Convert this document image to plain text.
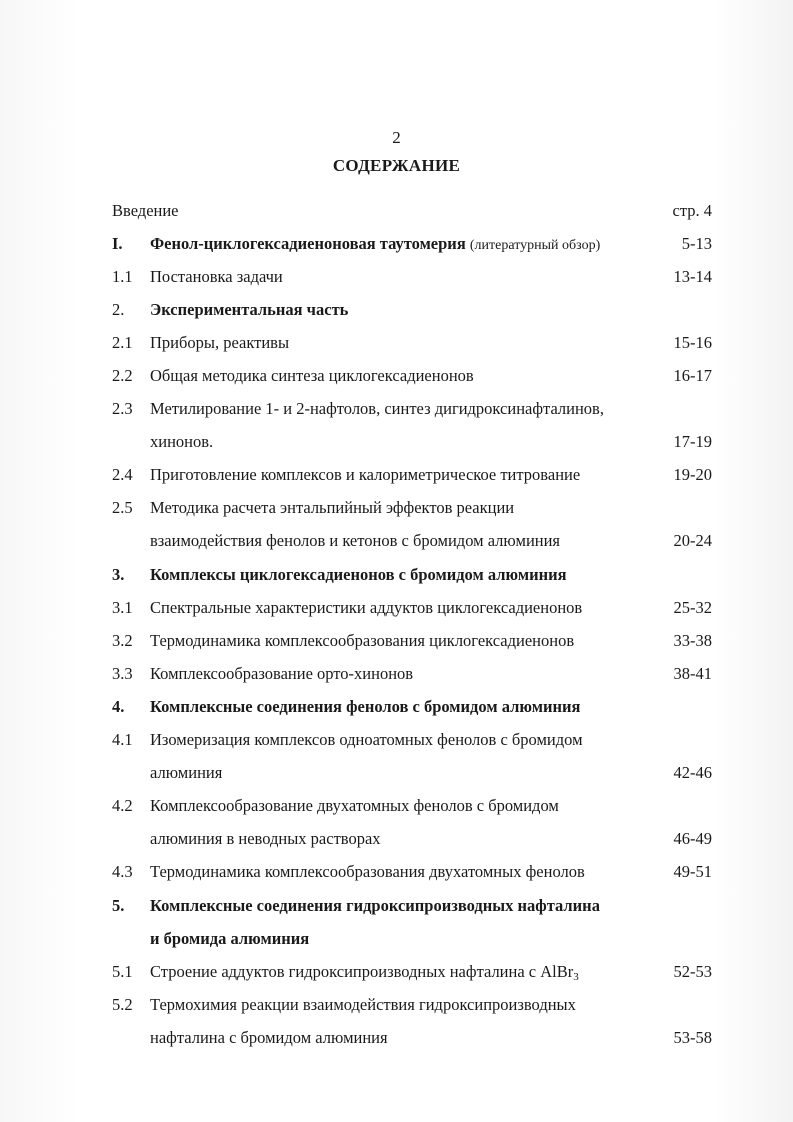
2
СОДЕРЖАНИЕ
Введение	стр. 4
I. Фенол-циклогексадиеноновая таутомерия (литературный обзор)	5-13
1.1 Постановка задачи	13-14
2. Экспериментальная часть
2.1 Приборы, реактивы	15-16
2.2 Общая методика синтеза циклогексадиенонов	16-17
2.3 Метилирование 1- и 2-нафтолов, синтез дигидроксинафталинов,
хинонов.	17-19
2.4 Приготовление комплексов и калориметрическое титрование	19-20
2.5 Методика расчета энтальпийный эффектов реакции
взаимодействия фенолов и кетонов с бромидом алюминия	20-24
3. Комплексы циклогексадиенонов с бромидом алюминия
3.1 Спектральные характеристики аддуктов циклогексадиенонов	25-32
3.2 Термодинамика комплексообразования циклогексадиенонов	33-38
3.3 Комплексообразование орто-хинонов	38-41
4. Комплексные соединения фенолов с бромидом алюминия
4.1 Изомеризация комплексов одноатомных фенолов с бромидом
алюминия	42-46
4.2 Комплексообразование двухатомных фенолов с бромидом
алюминия в неводных растворах	46-49
4.3 Термодинамика комплексообразования двухатомных фенолов	49-51
5. Комплексные соединения гидроксипроизводных нафталина
и бромида алюминия
5.1 Строение аддуктов гидроксипроизводных нафталина с AlBr$_3$	52-53
5.2 Термохимия реакции взаимодействия гидроксипроизводных
нафталина с бромидом алюминия	53-58
